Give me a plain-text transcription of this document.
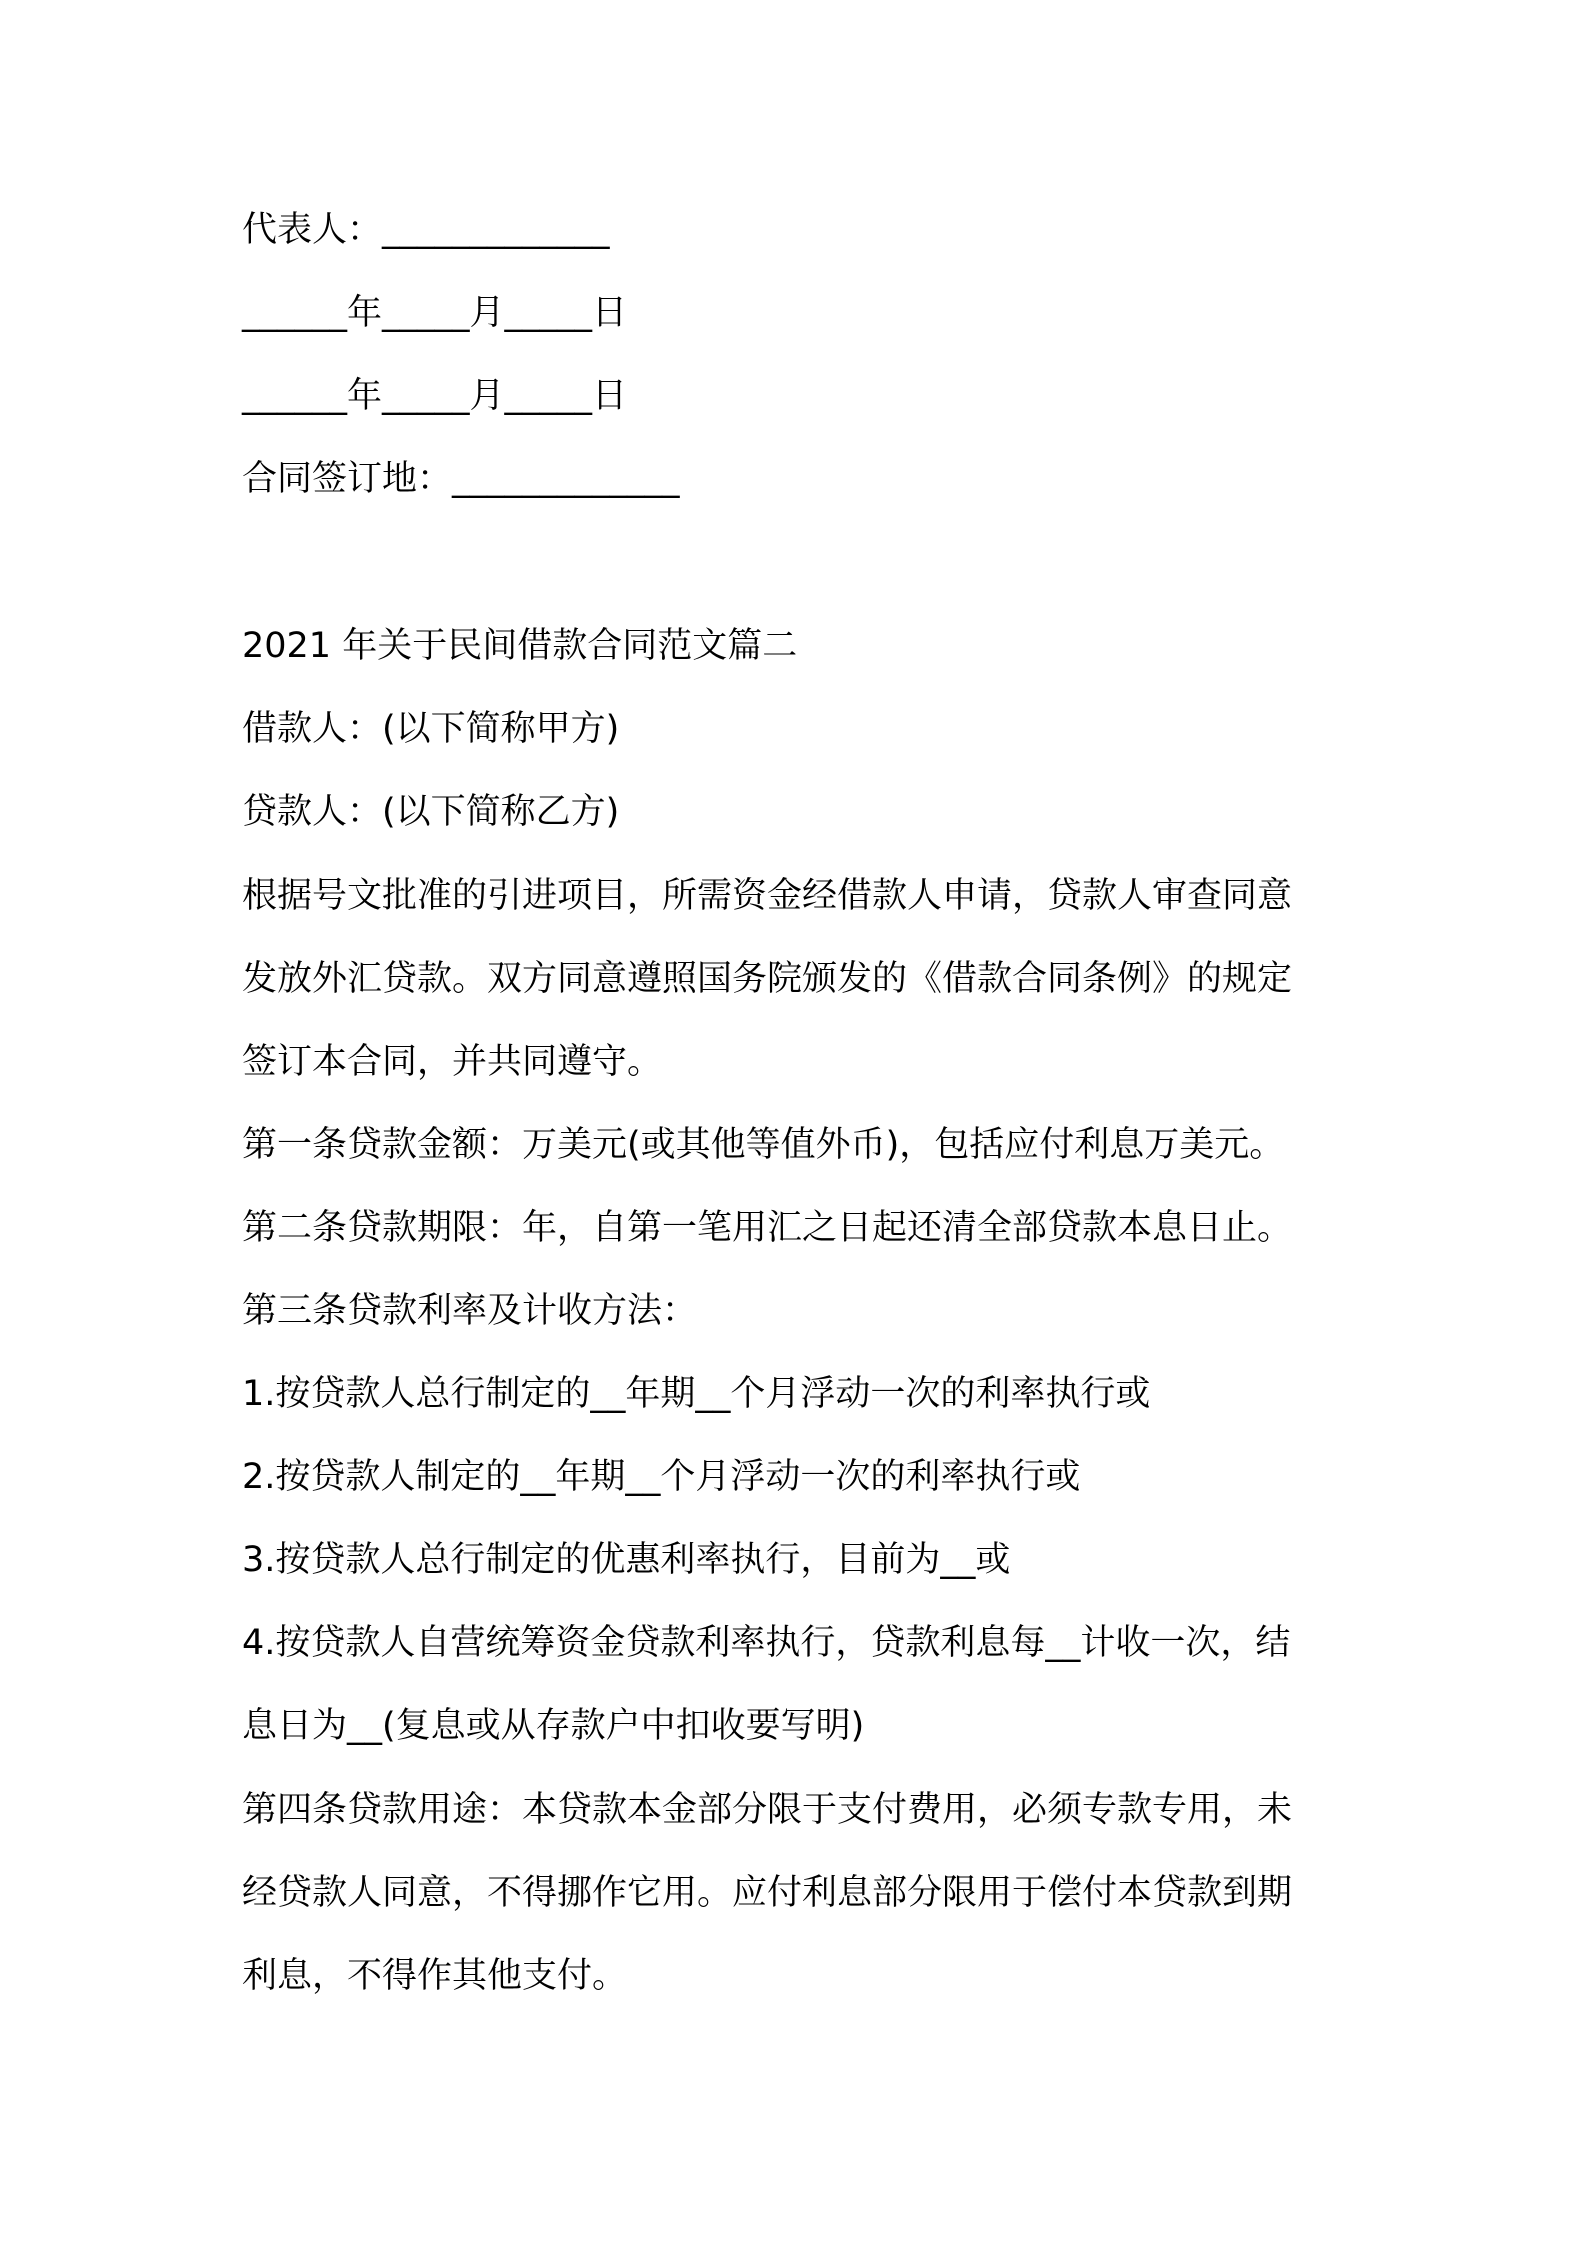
代表人：_____________
______年_____月_____日
______年_____月_____日
合同签订地：_____________
2021 年关于民间借款合同范文篇二
借款人：(以下简称甲方)
贷款人：(以下简称乙方)
根据号文批准的引进项目，所需资金经借款人申请，贷款人审查同意
发放外汇贷款。双方同意遵照国务院颁发的《借款合同条例》的规定
签订本合同，并共同遵守。
第一条贷款金额：万美元(或其他等值外币)，包括应付利息万美元。
第二条贷款期限：年，自第一笔用汇之日起还清全部贷款本息日止。
第三条贷款利率及计收方法：
1.按贷款人总行制定的__年期__个月浮动一次的利率执行或
2.按贷款人制定的__年期__个月浮动一次的利率执行或
3.按贷款人总行制定的优惠利率执行，目前为__或
4.按贷款人自营统筹资金贷款利率执行，贷款利息每__计收一次，结
息日为__(复息或从存款户中扣收要写明)
第四条贷款用途：本贷款本金部分限于支付费用，必须专款专用，未
经贷款人同意，不得挪作它用。应付利息部分限用于偿付本贷款到期
利息，不得作其他支付。
